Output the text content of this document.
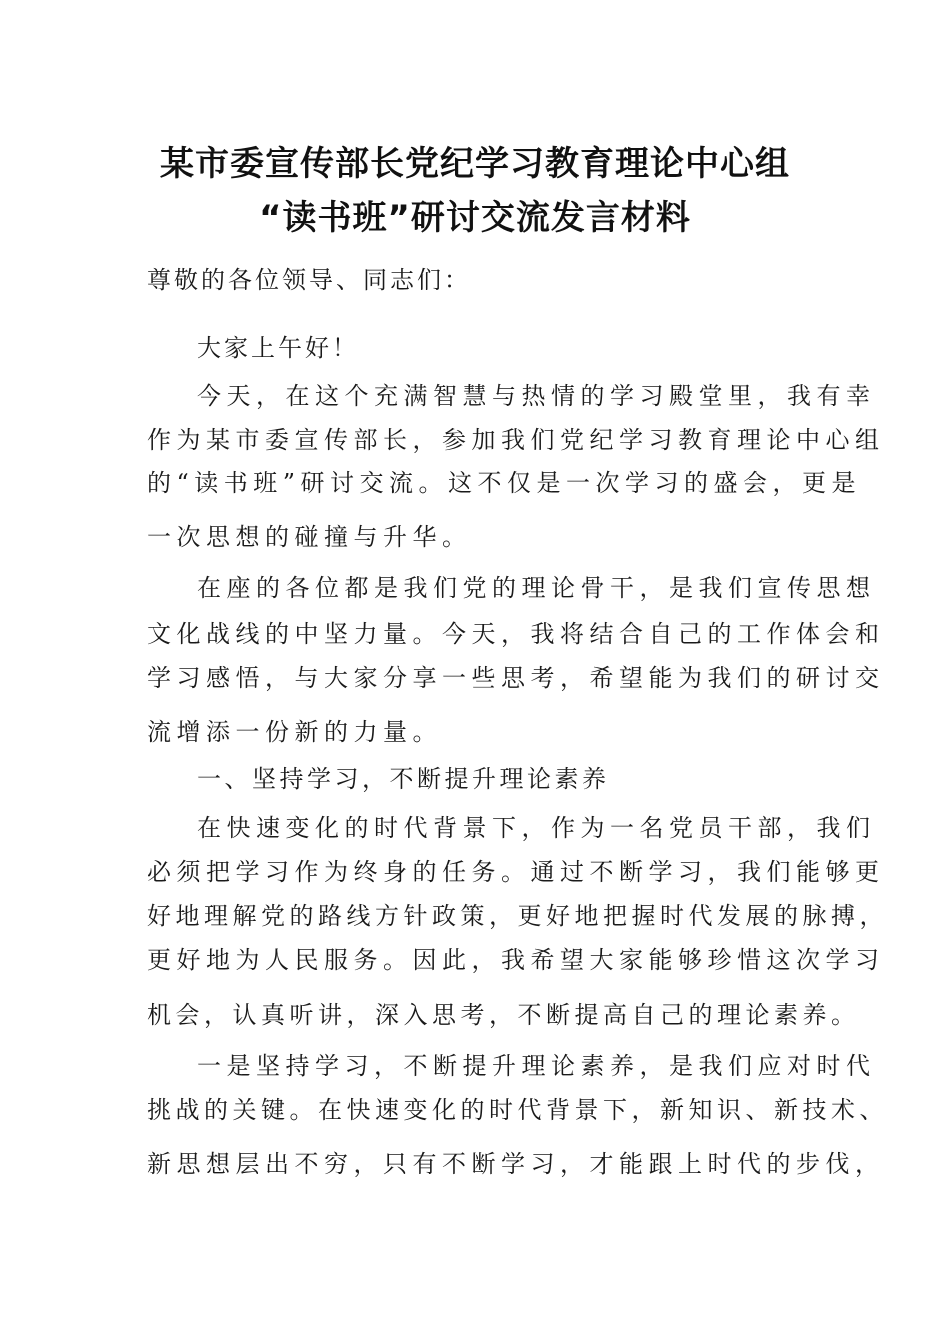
某市委宣传部长党纪学习教育理论中心组
“读书班”研讨交流发言材料
尊敬的各位领导、同志们：
大家上午好！
今天，在这个充满智慧与热情的学习殿堂里，我有幸
作为某市委宣传部长，参加我们党纪学习教育理论中心组
的“读书班”研讨交流。这不仅是一次学习的盛会，更是
一次思想的碰撞与升华。
在座的各位都是我们党的理论骨干，是我们宣传思想
文化战线的中坚力量。今天，我将结合自己的工作体会和
学习感悟，与大家分享一些思考，希望能为我们的研讨交
流增添一份新的力量。
一、坚持学习，不断提升理论素养
在快速变化的时代背景下，作为一名党员干部，我们
必须把学习作为终身的任务。通过不断学习，我们能够更
好地理解党的路线方针政策，更好地把握时代发展的脉搏，
更好地为人民服务。因此，我希望大家能够珍惜这次学习
机会，认真听讲，深入思考，不断提高自己的理论素养。
一是坚持学习，不断提升理论素养，是我们应对时代
挑战的关键。在快速变化的时代背景下，新知识、新技术、
新思想层出不穷，只有不断学习，才能跟上时代的步伐，
